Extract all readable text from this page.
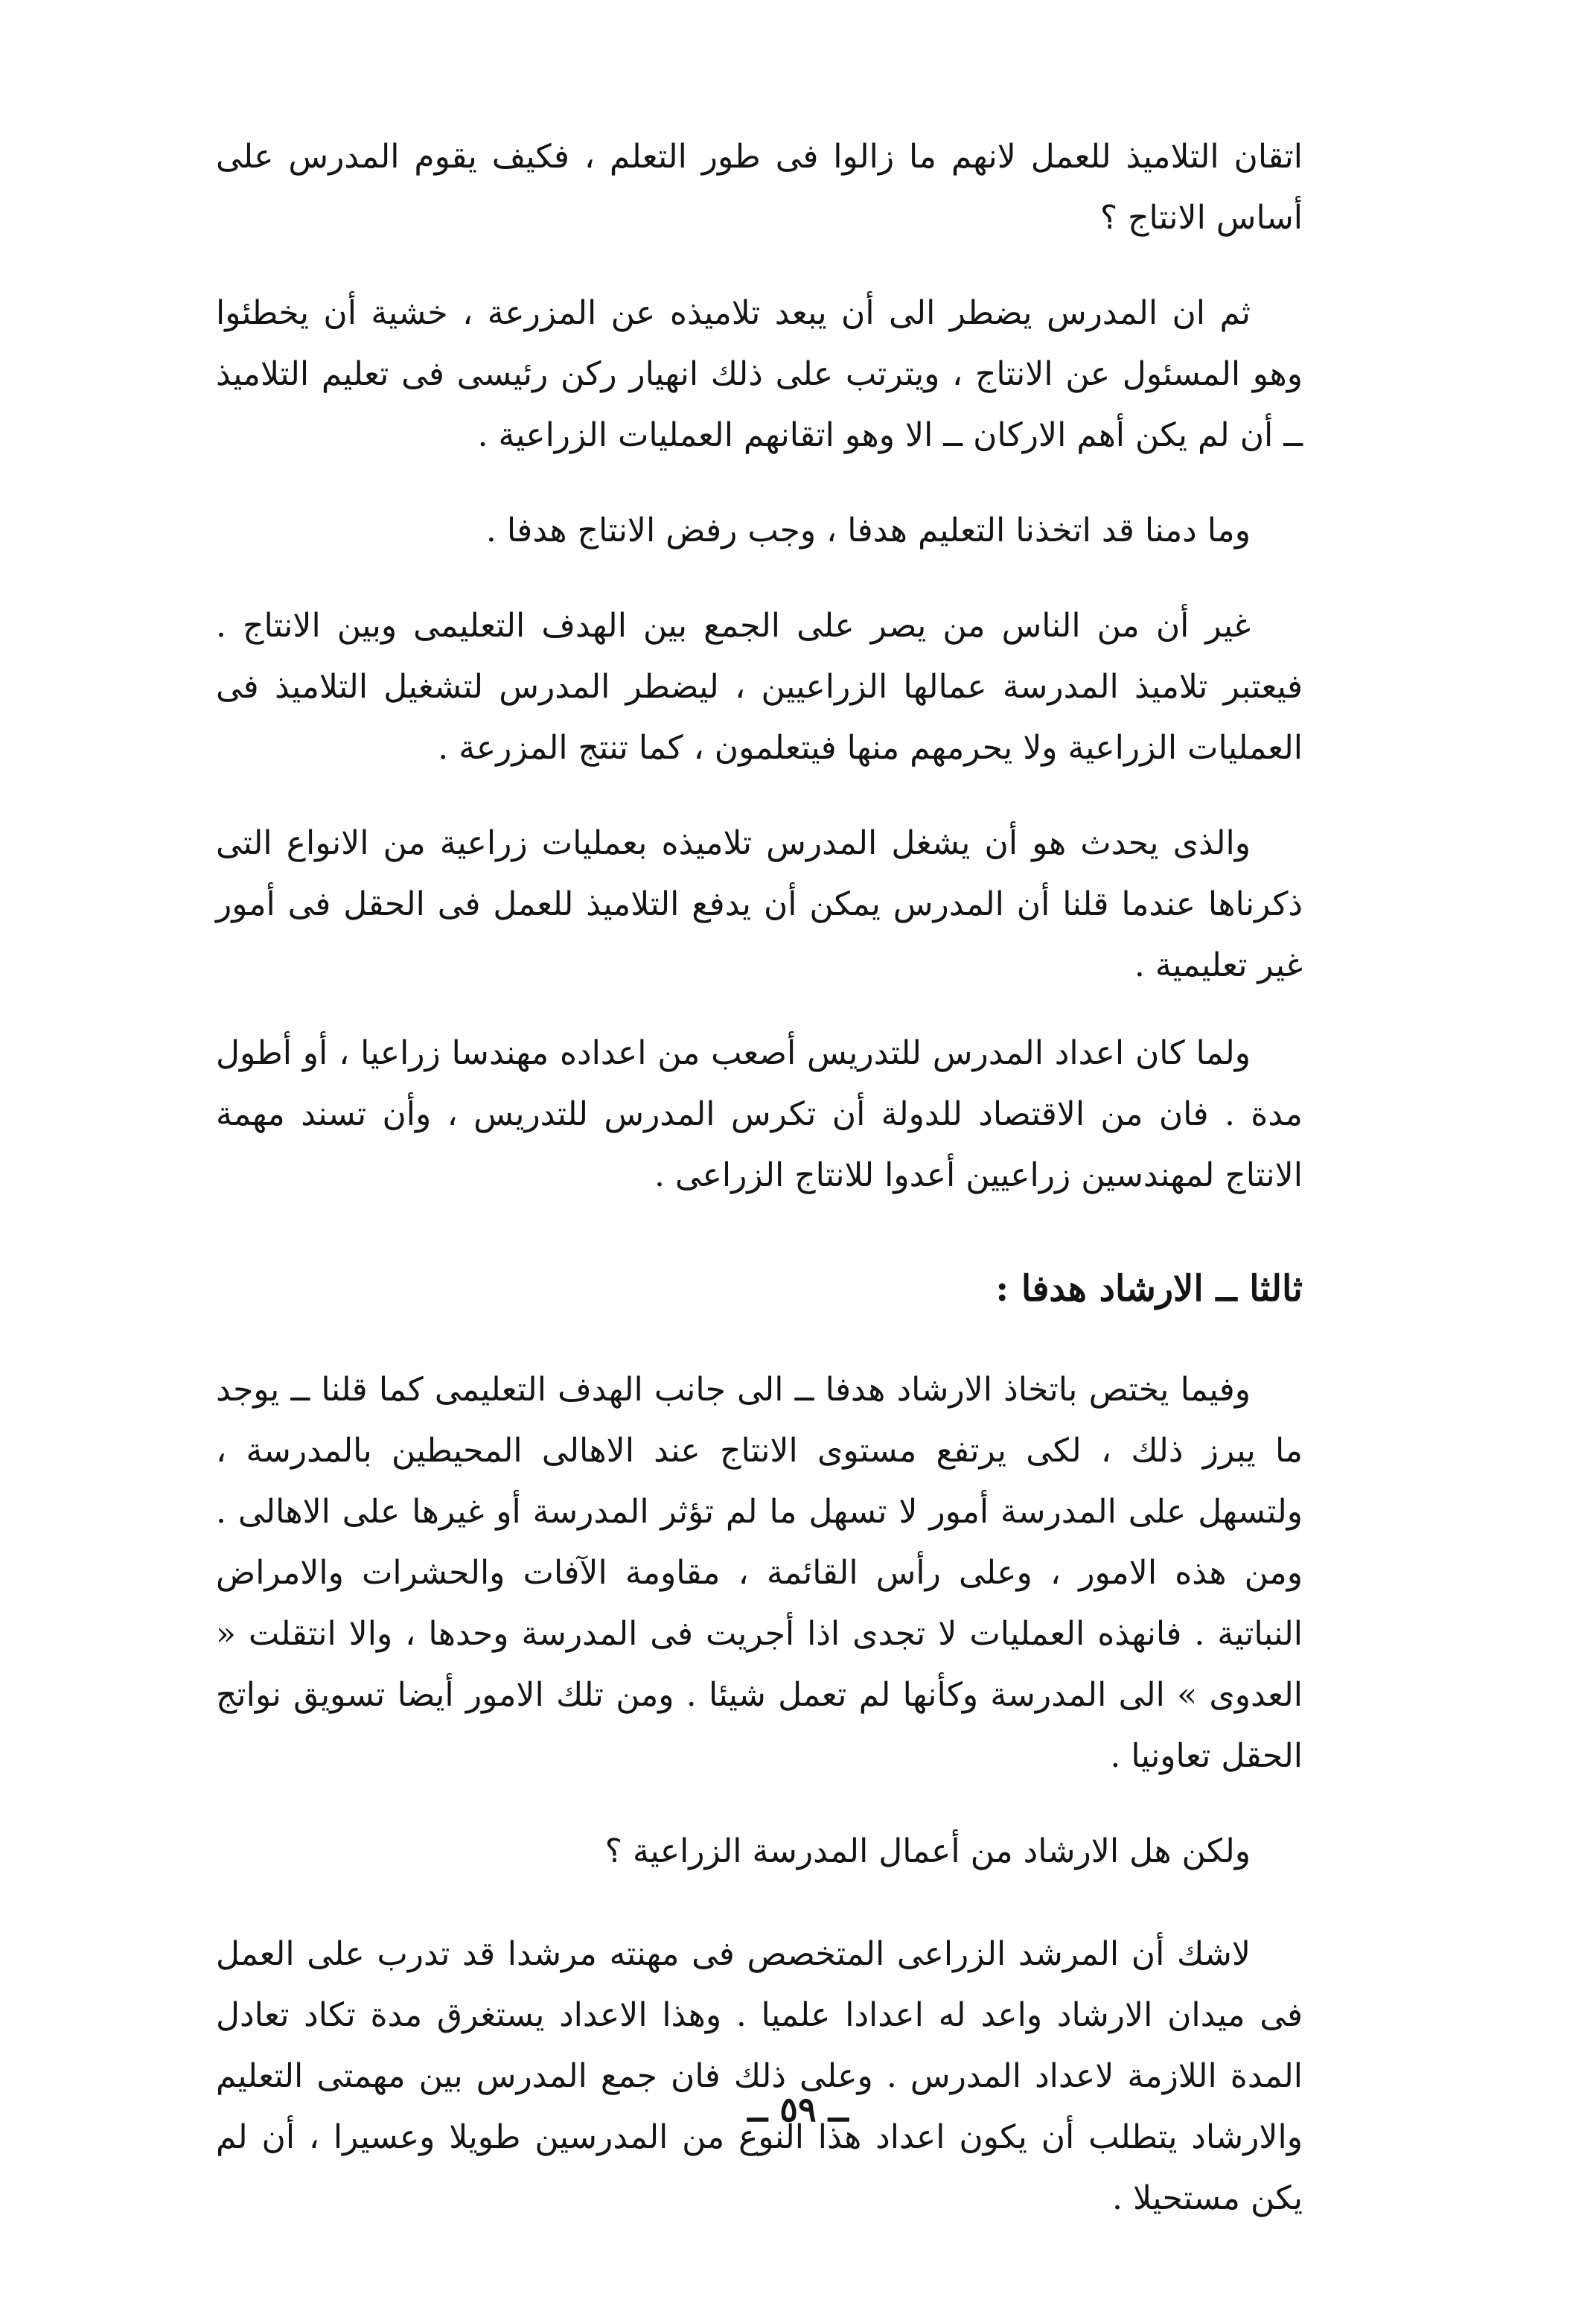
اتقان التلاميذ للعمل لانهم ما زالوا فى طور التعلم ، فكيف يقوم المدرس على أساس الانتاج ؟

ثم ان المدرس يضطر الى أن يبعد تلاميذه عن المزرعة ، خشية أن يخطئوا وهو المسئول عن الانتاج ، ويترتب على ذلك انهيار ركن رئيسى فى تعليم التلاميذ ــ أن لم يكن أهم الاركان ــ الا وهو اتقانهم العمليات الزراعية .

وما دمنا قد اتخذنا التعليم هدفا ، وجب رفض الانتاج هدفا .

غير أن من الناس من يصر على الجمع بين الهدف التعليمى وبين الانتاج . فيعتبر تلاميذ المدرسة عمالها الزراعيين ، ليضطر المدرس لتشغيل التلاميذ فى العمليات الزراعية ولا يحرمهم منها فيتعلمون ، كما تنتج المزرعة .

والذى يحدث هو أن يشغل المدرس تلاميذه بعمليات زراعية من الانواع التى ذكرناها عندما قلنا أن المدرس يمكن أن يدفع التلاميذ للعمل فى الحقل فى أمور غير تعليمية .

ولما كان اعداد المدرس للتدريس أصعب من اعداده مهندسا زراعيا ، أو أطول مدة . فان من الاقتصاد للدولة أن تكرس المدرس للتدريس ، وأن تسند مهمة الانتاج لمهندسين زراعيين أعدوا للانتاج الزراعى .

ثالثا ــ الارشاد هدفا :

وفيما يختص باتخاذ الارشاد هدفا ــ الى جانب الهدف التعليمى كما قلنا ــ يوجد ما يبرز ذلك ، لكى يرتفع مستوى الانتاج عند الاهالى المحيطين بالمدرسة ، ولتسهل على المدرسة أمور لا تسهل ما لم تؤثر المدرسة أو غيرها على الاهالى . ومن هذه الامور ، وعلى رأس القائمة ، مقاومة الآفات والحشرات والامراض النباتية . فانهذه العمليات لا تجدى اذا أجريت فى المدرسة وحدها ، والا انتقلت « العدوى » الى المدرسة وكأنها لم تعمل شيئا . ومن تلك الامور أيضا تسويق نواتج الحقل تعاونيا .

ولكن هل الارشاد من أعمال المدرسة الزراعية ؟

لاشك أن المرشد الزراعى المتخصص فى مهنته مرشدا قد تدرب على العمل فى ميدان الارشاد واعد له اعدادا علميا . وهذا الاعداد يستغرق مدة تكاد تعادل المدة اللازمة لاعداد المدرس . وعلى ذلك فان جمع المدرس بين مهمتى التعليم والارشاد يتطلب أن يكون اعداد هذا النوع من المدرسين طويلا وعسيرا ، أن لم يكن مستحيلا .

ــ ٥٩ ــ
